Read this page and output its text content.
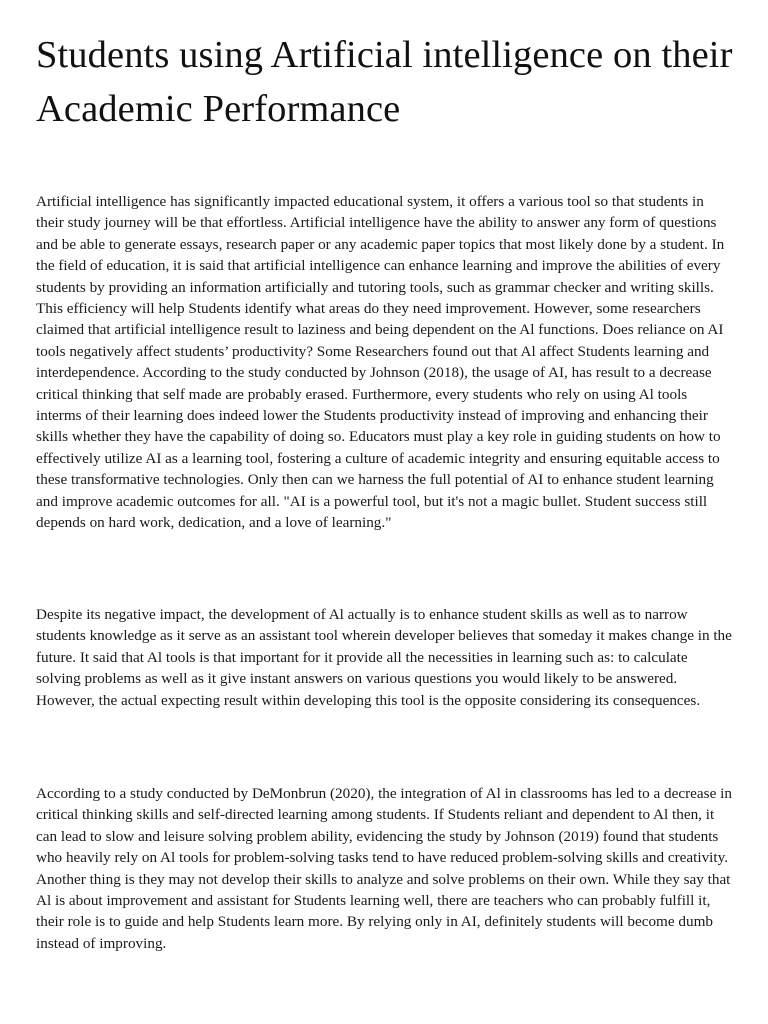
Students using Artificial intelligence on their Academic Performance

Artificial intelligence has significantly impacted educational system, it offers a various tool so that students in their study journey will be that effortless. Artificial intelligence have the ability to answer any form of questions and be able to generate essays, research paper or any academic paper topics that most likely done by a student. In the field of education, it is said that artificial intelligence can enhance learning and improve the abilities of every students by providing an information artificially and tutoring tools, such as grammar checker and writing skills. This efficiency will help Students identify what areas do they need improvement. However, some researchers claimed that artificial intelligence result to laziness and being dependent on the Al functions. Does reliance on AI tools negatively affect students’ productivity? Some Researchers found out that Al affect Students learning and interdependence. According to the study conducted by Johnson (2018), the usage of AI, has result to a decrease critical thinking that self made are probably erased. Furthermore, every students who rely on using Al tools interms of their learning does indeed lower the Students productivity instead of improving and enhancing their skills whether they have the capability of doing so. Educators must play a key role in guiding students on how to effectively utilize AI as a learning tool, fostering a culture of academic integrity and ensuring equitable access to these transformative technologies. Only then can we harness the full potential of AI to enhance student learning and improve academic outcomes for all. "AI is a powerful tool, but it's not a magic bullet. Student success still depends on hard work, dedication, and a love of learning."

Despite its negative impact, the development of Al actually is to enhance student skills as well as to narrow students knowledge as it serve as an assistant tool wherein developer believes that someday it makes change in the future. It said that Al tools is that important for it provide all the necessities in learning such as: to calculate solving problems as well as it give instant answers on various questions you would likely to be answered. However, the actual expecting result within developing this tool is the opposite considering its consequences.

According to a study conducted by DeMonbrun (2020), the integration of Al in classrooms has led to a decrease in critical thinking skills and self-directed learning among students. If Students reliant and dependent to Al then, it can lead to slow and leisure solving problem ability, evidencing the study by Johnson (2019) found that students who heavily rely on Al tools for problem-solving tasks tend to have reduced problem-solving skills and creativity. Another thing is they may not develop their skills to analyze and solve problems on their own. While they say that Al is about improvement and assistant for Students learning well, there are teachers who can probably fulfill it, their role is to guide and help Students learn more. By relying only in AI, definitely students will become dumb instead of improving.
